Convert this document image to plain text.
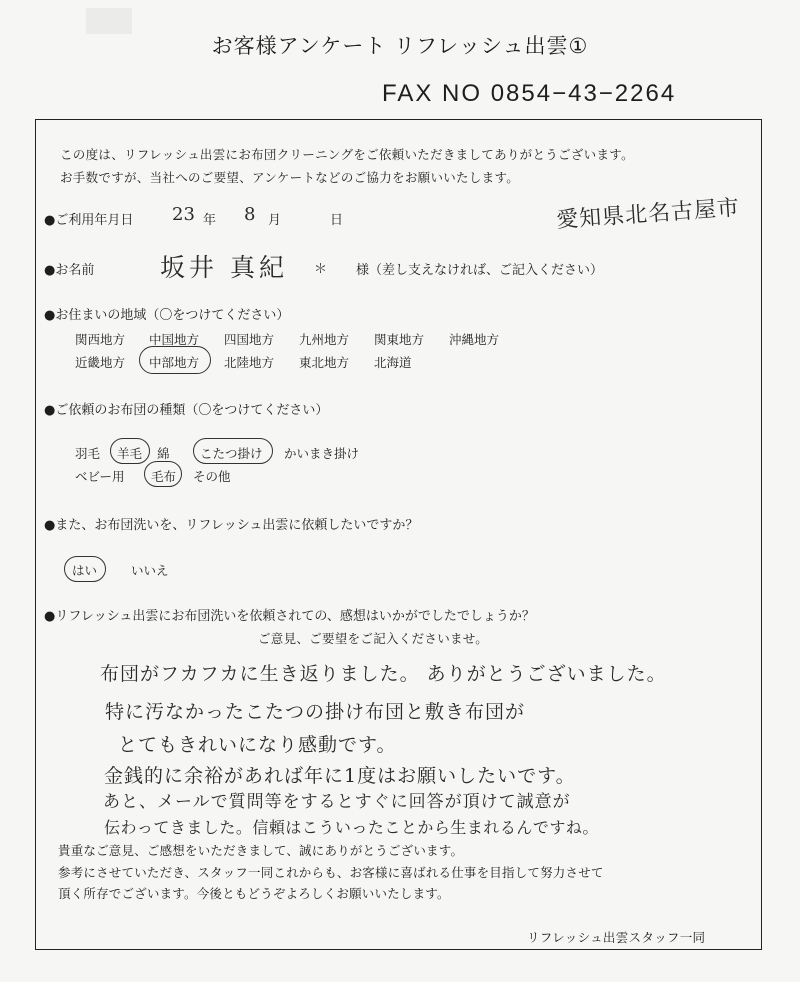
お客様アンケート リフレッシュ出雲①
FAX NO 0854−43−2264
この度は、リフレッシュ出雲にお布団クリーニングをご依頼いただきましてありがとうございます。
お手数ですが、当社へのご要望、アンケートなどのご協力をお願いいたします。
●ご利用年月日 23 年 8 月	日	愛知県北名古屋市
●お名前	坂井 真紀 ＊ 様（差し支えなければ、ご記入ください）
●お住まいの地域（〇をつけてください）
関西地方 中国地方 四国地方 九州地方 関東地方 沖縄地方
近畿地方 中部地方 北陸地方 東北地方 北海道
●ご依頼のお布団の種類（〇をつけてください）
羽毛 羊毛 綿 こたつ掛け かいまき掛け
ベビー用 毛布 その他
●また、お布団洗いを、リフレッシュ出雲に依頼したいですか？
はい	いいえ
●リフレッシュ出雲にお布団洗いを依頼されての、感想はいかがでしたでしょうか？
ご意見、ご要望をご記入くださいませ。
布団がフカフカに生き返りました。 ありがとうございました。
特に汚なかったこたつの掛け布団と敷き布団が
とてもきれいになり感動です。
金銭的に余裕があれば年に1度はお願いしたいです。
あと、メールで質問等をするとすぐに回答が頂けて誠意が
伝わってきました。信頼はこういったことから生まれるんですね。
貴重なご意見、ご感想をいただきまして、誠にありがとうございます。
参考にさせていただき、スタッフ一同これからも、お客様に喜ばれる仕事を目指して努力させて
頂く所存でございます。今後ともどうぞよろしくお願いいたします。
リフレッシュ出雲スタッフ一同
